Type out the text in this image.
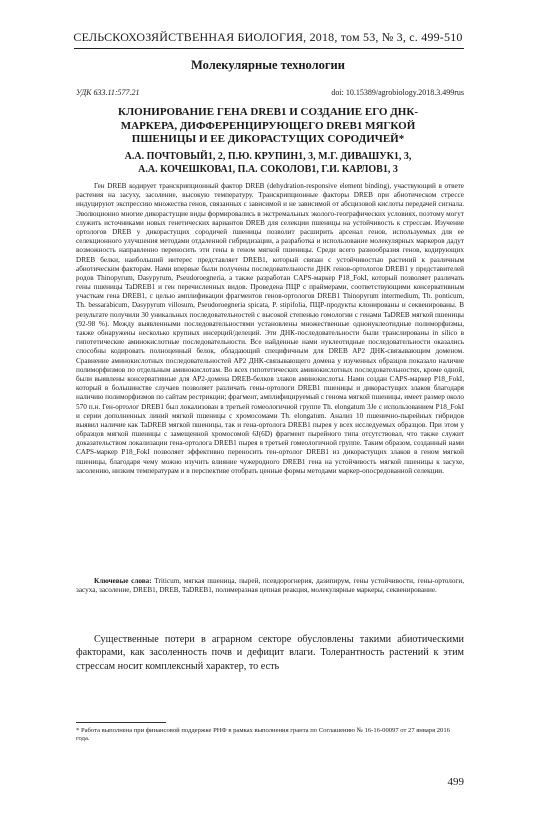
СЕЛЬСКОХОЗЯЙСТВЕННАЯ БИОЛОГИЯ, 2018, том 53, № 3, с. 499-510
Молекулярные технологии
УДК 633.11:577.21	doi: 10.15389/agrobiology.2018.3.499rus
КЛОНИРОВАНИЕ ГЕНА DREB1 И СОЗДАНИЕ ЕГО ДНК-МАРКЕРА, ДИФФЕРЕНЦИРУЮЩЕГО DREB1 МЯГКОЙ ПШЕНИЦЫ И ЕЕ ДИКОРАСТУЩИХ СОРОДИЧЕЙ*
А.А. ПОЧТОВЫЙ1, 2, П.Ю. КРУПИН1, 3, М.Г. ДИВАШУК1, 3,
А.А. КОЧЕШКОВА1, П.А. СОКОЛОВ1, Г.И. КАРЛОВ1, 3
Ген DREB кодирует транскрипционный фактор DREB (dehydration-responsive element binding), участвующий в ответе растения на засуху, засоление, высокую температуру. Транскрипционные факторы DREB при абиотическом стрессе индуцируют экспрессию множества генов, связанных с зависимой и не зависимой от абсцизовой кислоты передачей сигнала. Эволюционно многие дикорастущие виды формировались в экстремальных эколого-географических условиях, поэтому могут служить источниками новых генетических вариантов DREB для селекции пшеницы на устойчивость к стрессам. Изучение ортологов DREB у дикорастущих сородичей пшеницы позволит расширить арсенал генов, используемых для ее селекционного улучшения методами отдаленной гибридизации, а разработка и использование молекулярных маркеров дадут возможность направленно переносить эти гены в геном мягкой пшеницы. Среди всего разнообразия генов, кодирующих DREB белки, наибольший интерес представляет DREB1, который связан с устойчивостью растений к различным абиотическим факторам. Нами впервые были получены последовательности ДНК генов-ортологов DREB1 у представителей родов Thinopyrum, Dasypyrum, Pseudoroegneria, а также разработан CAPS-маркер P18_FokI, который позволяет различать гены пшеницы TaDREB1 и ген перечисленных видов. Проведена ПЦР с праймерами, соответствующими консервативным участкам гена DREB1, с целью амплификации фрагментов генов-ортологов DREB1 Thinopyrum intermedium, Th. ponticum, Th. bessarabicum, Dasypyrum villosum, Pseudoroegneria spicata, P. stipifolia, ПЦР-продукты клонированы и секвенированы. В результате получили 30 уникальных последовательностей с высокой степенью гомологии с генами TaDREB мягкой пшеницы (92-98 %). Между выявленными последовательностями установлены множественные однонуклеотидные полиморфизмы, также обнаружены несколько крупных инсерций/делеций. Эти ДНК-последовательности были транслированы in silico в гипотетические аминокислотные последовательности. Все найденные нами нуклеотидные последовательности оказались способны кодировать полноценный белок, обладающий специфичным для DREB AP2 ДНК-связывающим доменом. Сравнение аминокислотных последовательностей AP2 ДНК-связывающего домена у изученных образцов показало наличие полиморфизмов по отдельным аминокислотам. Во всех гипотетических аминокислотных последовательностях, кроме одной, были выявлены консервативные для AP2-домена DREB-белков злаков аминокислоты. Нами создан CAPS-маркер P18_FokI, который в большинстве случаев позволяет различать гены-ортологи DREB1 пшеницы и дикорастущих злаков благодаря наличию полиморфизмов по сайтам рестрикции; фрагмент, амплифицируемый с генома мягкой пшеницы, имеет размер около 570 п.н. Ген-ортолог DREB1 был локализован в третьей гомеологичной группе Th. elongatum 3Je с использованием P18_FokI и серии дополненных линий мягкой пшеницы с хромосомами Th. elongatum. Анализ 10 пшенично-пырейных гибридов выявил наличие как TaDREB мягкой пшеницы, так и гена-ортолога DREB1 пырея у всех исследуемых образцов. При этом у образцов мягкой пшеницы с замещенной хромосомой 6J(6D) фрагмент пырейного типа отсутствовал, что также служит доказательством локализации гена-ортолога DREB1 пырея в третьей гомеологичной группе. Таким образом, созданный нами CAPS-маркер P18_FokI позволяет эффективно переносить ген-ортолог DREB1 из дикорастущих злаков в геном мягкой пшеницы, благодаря чему можно изучить влияние чужеродного DREB1 гена на устойчивость мягкой пшеницы к засухе, засолению, низким температурам и в перспективе отобрать ценные формы методами маркер-опосредованной селекции.
Ключевые слова: Triticum, мягкая пшеница, пырей, псевдорогнерия, дазипирум, гены устойчивости, гены-ортологи, засуха, засоление, DREB1, DREB, TaDREB1, полимеразная цепная реакция, молекулярные маркеры, секвенирование.
Существенные потери в аграрном секторе обусловлены такими абиотическими факторами, как засоленность почв и дефицит влаги. Толерантность растений к этим стрессам носит комплексный характер, то есть
* Работа выполнена при финансовой поддержке РНФ в рамках выполнения гранта по Соглашению № 16-16-00097 от 27 января 2016 года.
499
